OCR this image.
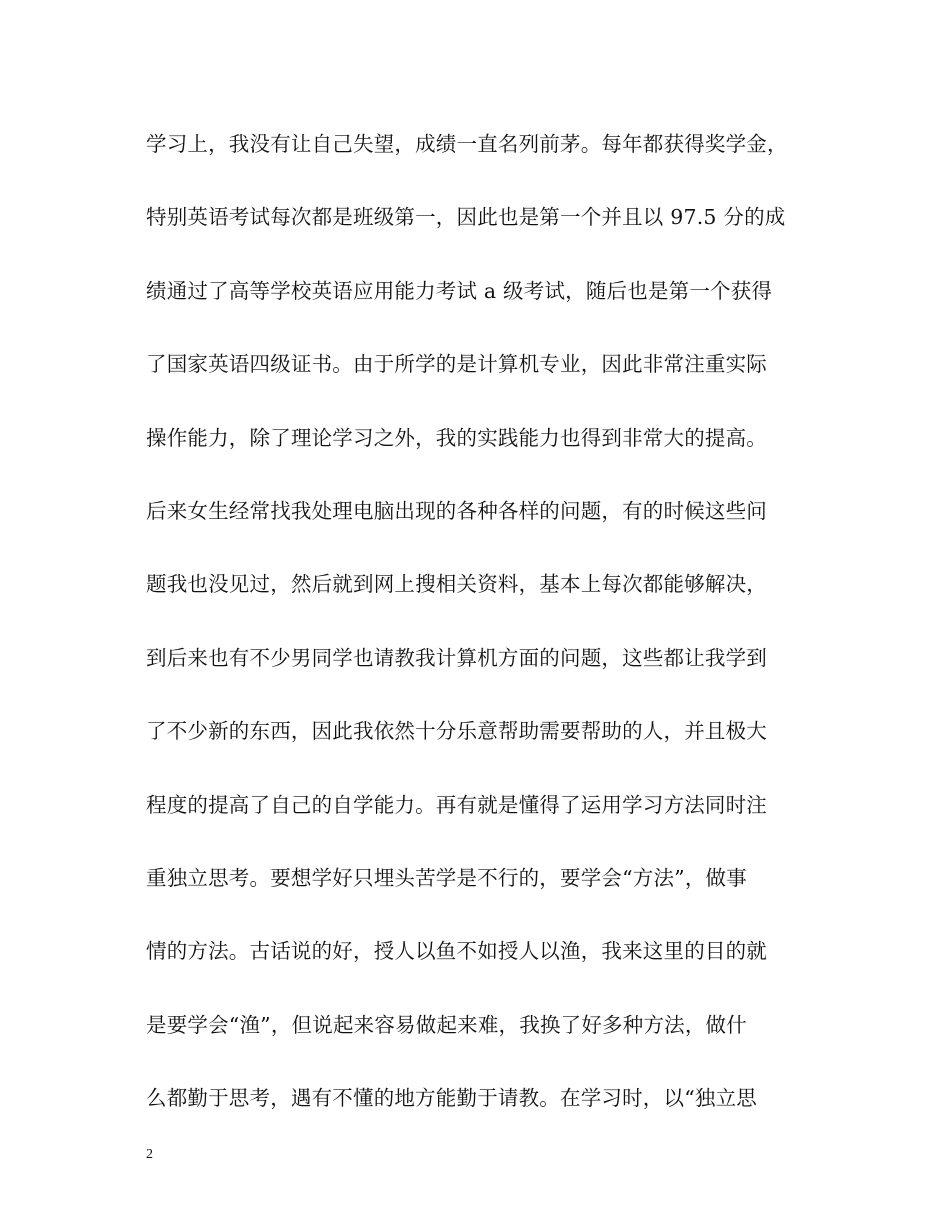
学习上，我没有让自己失望，成绩一直名列前茅。每年都获得奖学金，
特别英语考试每次都是班级第一，因此也是第一个并且以 97.5 分的成
绩通过了高等学校英语应用能力考试 a 级考试，随后也是第一个获得
了国家英语四级证书。由于所学的是计算机专业，因此非常注重实际
操作能力，除了理论学习之外，我的实践能力也得到非常大的提高。
后来女生经常找我处理电脑出现的各种各样的问题，有的时候这些问
题我也没见过，然后就到网上搜相关资料，基本上每次都能够解决，
到后来也有不少男同学也请教我计算机方面的问题，这些都让我学到
了不少新的东西，因此我依然十分乐意帮助需要帮助的人，并且极大
程度的提高了自己的自学能力。再有就是懂得了运用学习方法同时注
重独立思考。要想学好只埋头苦学是不行的，要学会“方法”，做事
情的方法。古话说的好，授人以鱼不如授人以渔，我来这里的目的就
是要学会“渔”，但说起来容易做起来难，我换了好多种方法，做什
么都勤于思考，遇有不懂的地方能勤于请教。在学习时，以“独立思
2
